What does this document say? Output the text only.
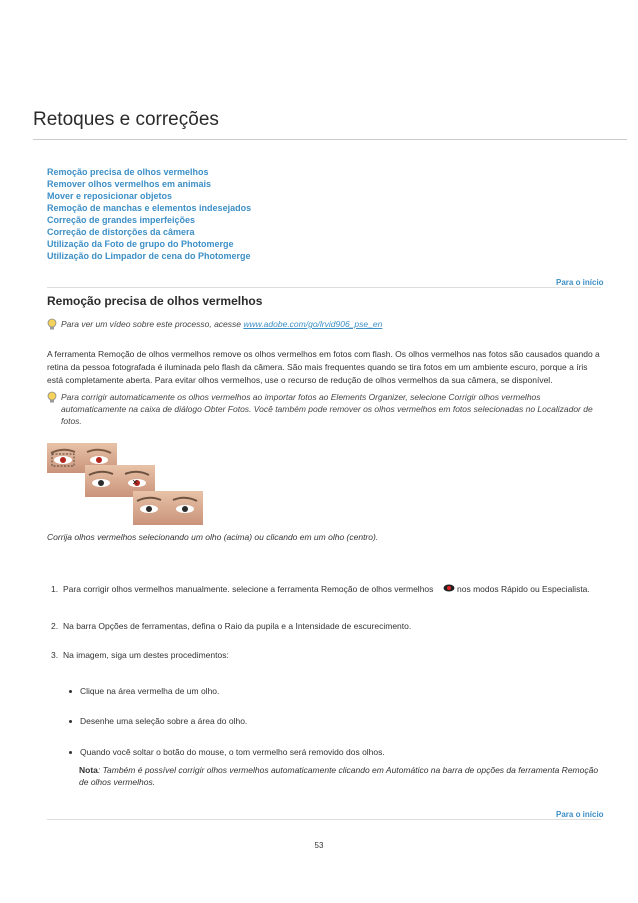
Retoques e correções
Remoção precisa de olhos vermelhos
Remover olhos vermelhos em animais
Mover e reposicionar objetos
Remoção de manchas e elementos indesejados
Correção de grandes imperfeições
Correção de distorções da câmera
Utilização da Foto de grupo do Photomerge
Utilização do Limpador de cena do Photomerge
Para o início
Remoção precisa de olhos vermelhos
Para ver um vídeo sobre este processo, acesse www.adobe.com/go/lrvid906_pse_en
A ferramenta Remoção de olhos vermelhos remove os olhos vermelhos em fotos com flash. Os olhos vermelhos nas fotos são causados quando a retina da pessoa fotografada é iluminada pelo flash da câmera. São mais frequentes quando se tira fotos em um ambiente escuro, porque a íris está completamente aberta. Para evitar olhos vermelhos, use o recurso de redução de olhos vermelhos da sua câmera, se disponível.
Para corrigir automaticamente os olhos vermelhos ao importar fotos ao Elements Organizer, selecione Corrigir olhos vermelhos automaticamente na caixa de diálogo Obter Fotos. Você também pode remover os olhos vermelhos em fotos selecionadas no Localizador de fotos.
Corrija olhos vermelhos selecionando um olho (acima) ou clicando em um olho (centro).
1. Para corrigir olhos vermelhos manualmente. selecione a ferramenta Remoção de olhos vermelhos	nos modos Rápido ou Especialista.
2. Na barra Opções de ferramentas, defina o Raio da pupila e a Intensidade de escurecimento.
3. Na imagem, siga um destes procedimentos:
Clique na área vermelha de um olho.
Desenhe uma seleção sobre a área do olho.
Quando você soltar o botão do mouse, o tom vermelho será removido dos olhos.
Nota: Também é possível corrigir olhos vermelhos automaticamente clicando em Automático na barra de opções da ferramenta Remoção de olhos vermelhos.
Para o início
53
